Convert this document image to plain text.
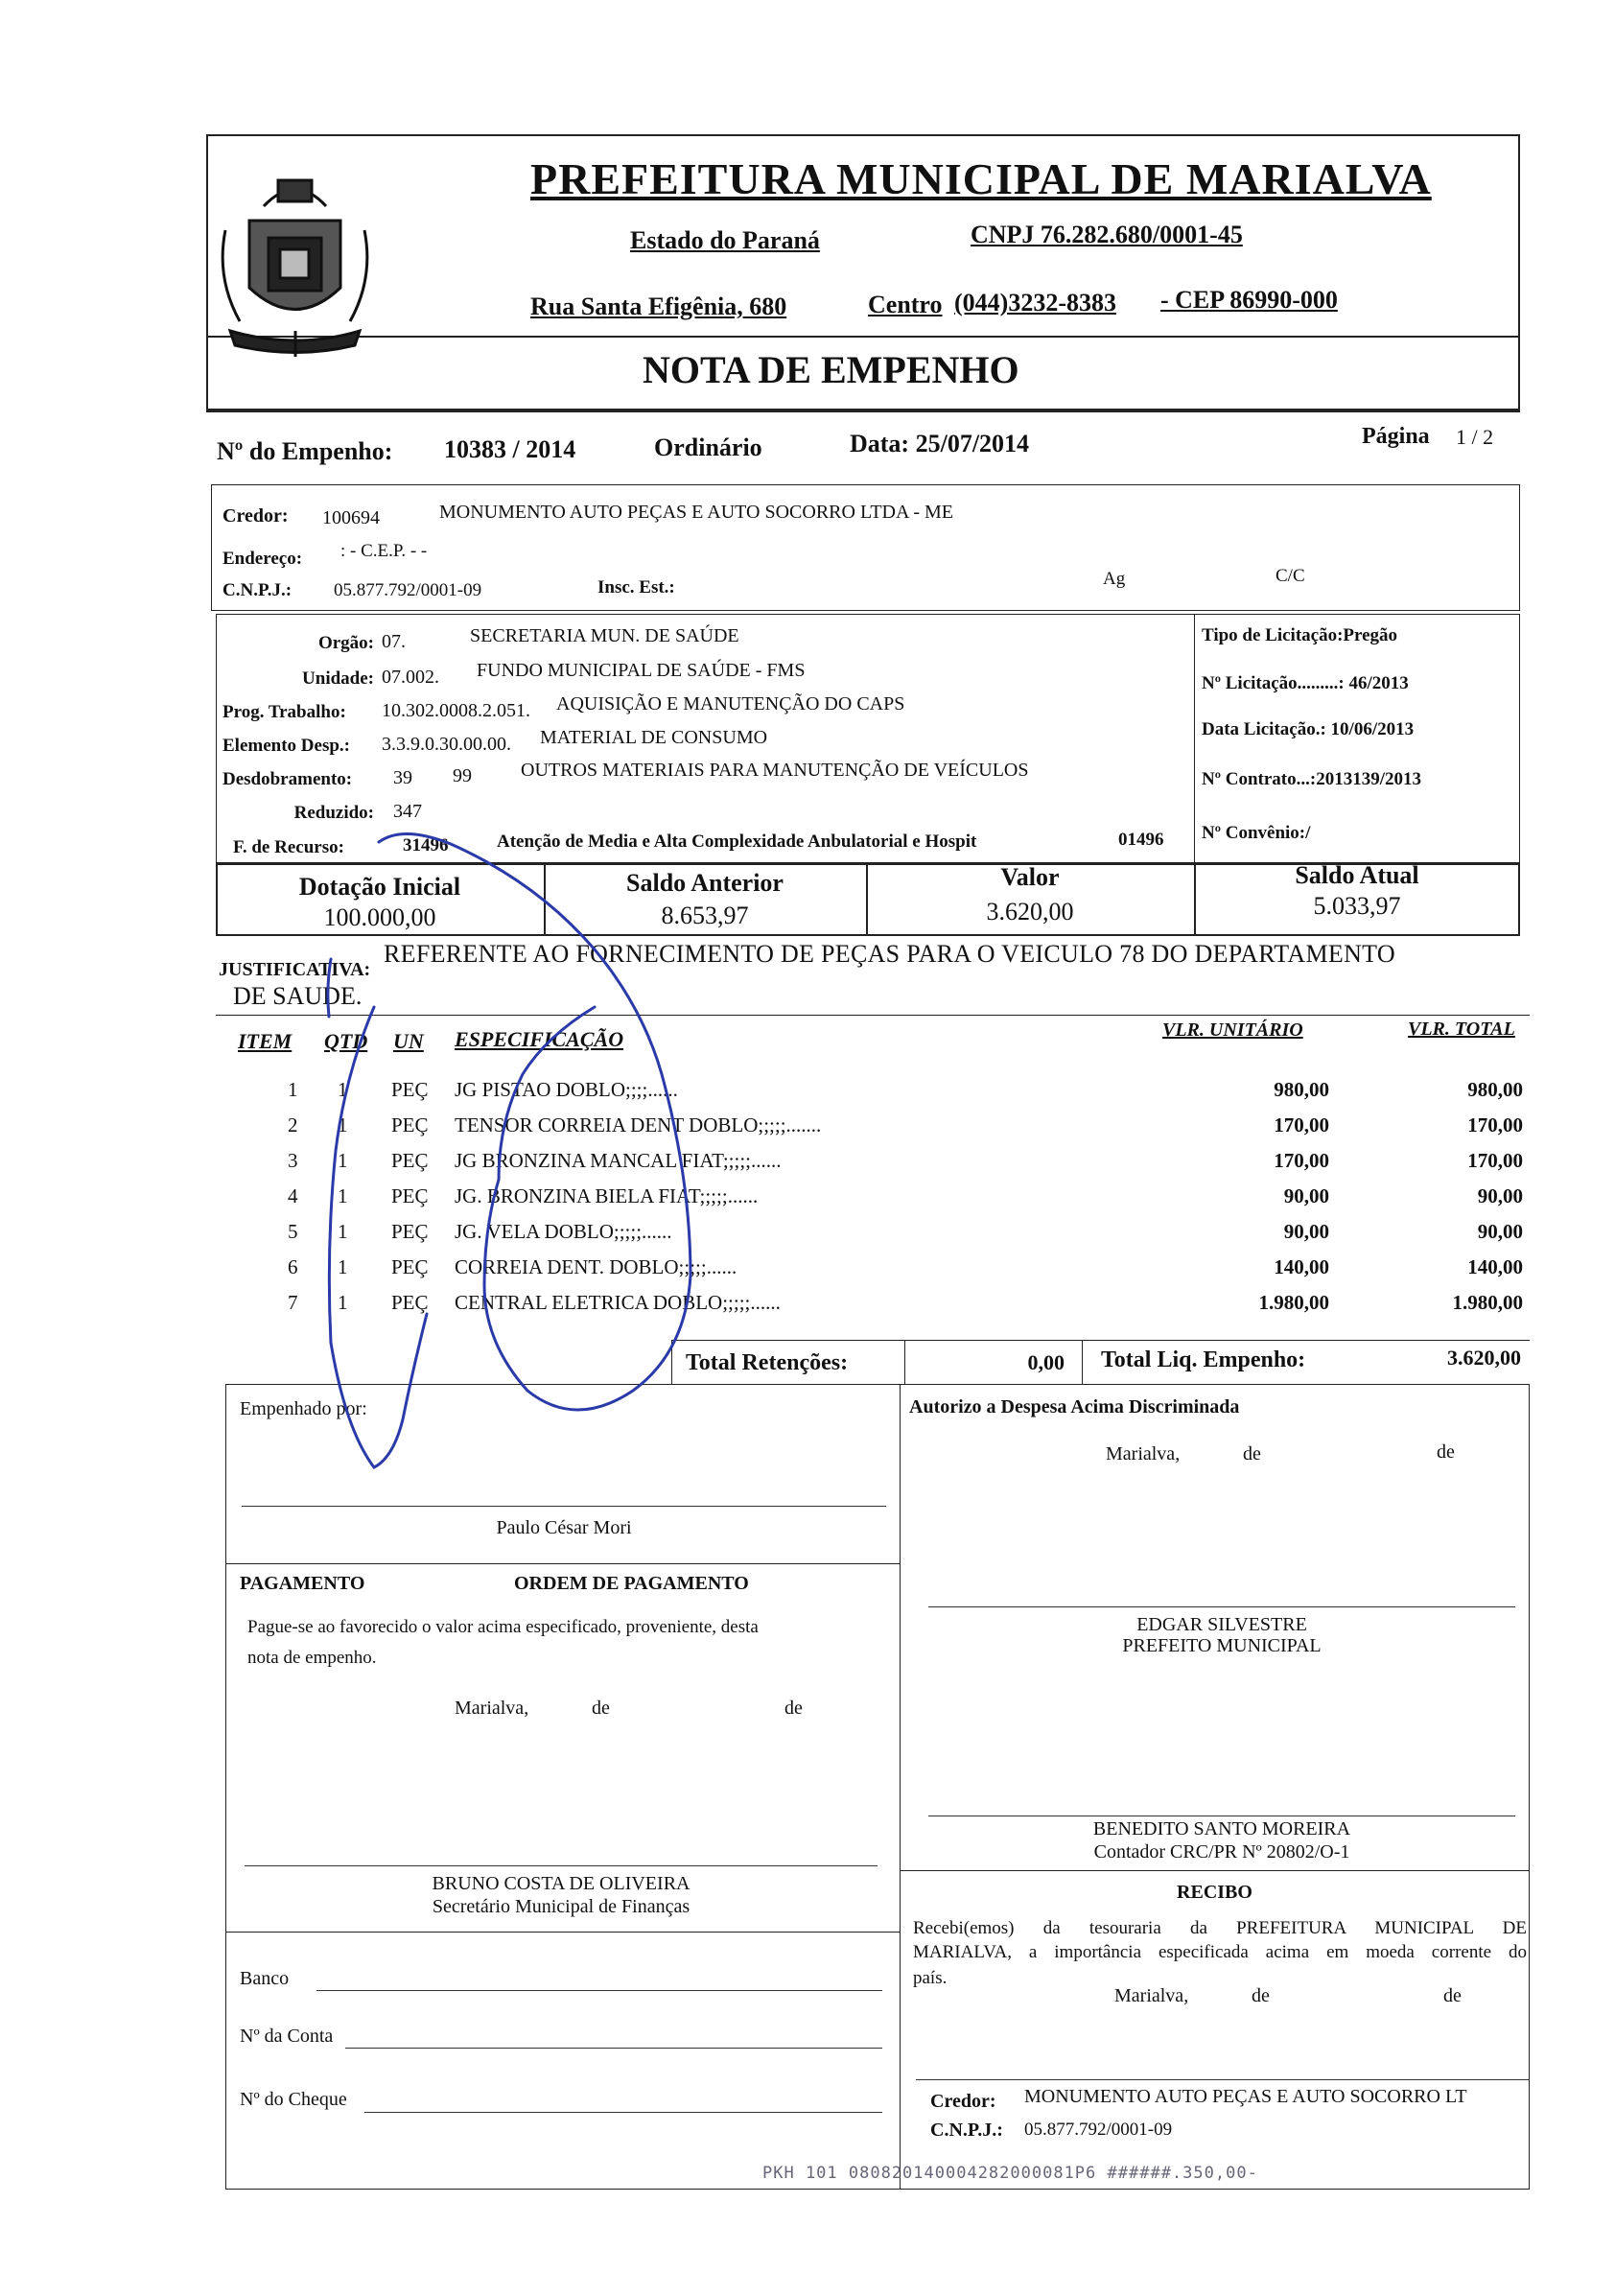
PREFEITURA MUNICIPAL DE MARIALVA
Estado do Paraná	CNPJ 76.282.680/0001-45
Rua Santa Efigênia, 680	Centro (044)3232-8383 - CEP 86990-000
NOTA DE EMPENHO
Nº do Empenho: 10383 / 2014	Ordinário	Data: 25/07/2014	Página 1 / 2
Credor: 100694	MONUMENTO AUTO PEÇAS E AUTO SOCORRO LTDA - ME
Endereço: : - C.E.P. - -
C.N.P.J.: 05.877.792/0001-09	Insc. Est.:	Ag	C/C
Orgão: 07.	SECRETARIA MUN. DE SAÚDE
Unidade: 07.002. FUNDO MUNICIPAL DE SAÚDE - FMS
Prog. Trabalho: 10.302.0008.2.051. AQUISIÇÃO E MANUTENÇÃO DO CAPS
Elemento Desp.: 3.3.9.0.30.00.00. MATERIAL DE CONSUMO
Desdobramento: 39 99	OUTROS MATERIAIS PARA MANUTENÇÃO DE VEÍCULOS
Reduzido: 347
F. de Recurso:	31496	Atenção de Media e Alta Complexidade Anbulatorial e Hospit	01496
Tipo de Licitação:Pregão
Nº Licitação.........: 46/2013
Data Licitação.: 10/06/2013
Nº Contrato...:2013139/2013
Nº Convênio:/
Dotação Inicial
100.000,00
Saldo Anterior
8.653,97
Valor
3.620,00
Saldo Atual
5.033,97
JUSTIFICATIVA:
REFERENTE AO FORNECIMENTO DE PEÇAS PARA O VEICULO 78 DO DEPARTAMENTO
DE SAUDE.
ITEM QTD UN ESPECIFICAÇÃO	VLR. UNITÁRIO	VLR. TOTAL
1 1 PEÇ JG PISTAO DOBLO;;;;......	980,00	980,00
2 1 PEÇ TENSOR CORREIA DENT DOBLO;;;;;.......	170,00	170,00
3 1 PEÇ JG BRONZINA MANCAL FIAT;;;;;......	170,00	170,00
4 1 PEÇ JG. BRONZINA BIELA FIAT;;;;;......	90,00	90,00
5 1 PEÇ JG. VELA DOBLO;;;;;......	90,00	90,00
6 1 PEÇ CORREIA DENT. DOBLO;;;;;......	140,00	140,00
7 1 PEÇ CENTRAL ELETRICA DOBLO;;;;;......	1.980,00	1.980,00
Total Retenções:	0,00 Total Liq. Empenho:	3.620,00
Empenhado por:
Paulo César Mori
Autorizo a Despesa Acima Discriminada
Marialva,	de	de
EDGAR SILVESTRE
PREFEITO MUNICIPAL
PAGAMENTO	ORDEM DE PAGAMENTO
Pague-se ao favorecido o valor acima especificado, proveniente, desta
nota de empenho.
Marialva,	de	de
BENEDITO SANTO MOREIRA
Contador CRC/PR Nº 20802/O-1
BRUNO COSTA DE OLIVEIRA
Secretário Municipal de Finanças
RECIBO
Recebi(emos) da tesouraria da PREFEITURA MUNICIPAL DE
MARIALVA, a importância especificada acima em moeda corrente do
país.
Marialva,	de	de
Banco
Nº da Conta
Nº do Cheque	Credor: MONUMENTO AUTO PEÇAS E AUTO SOCORRO LT
C.N.P.J.: 05.877.792/0001-09
PKH 101 080820140004282000081P6 ######.350,00-
